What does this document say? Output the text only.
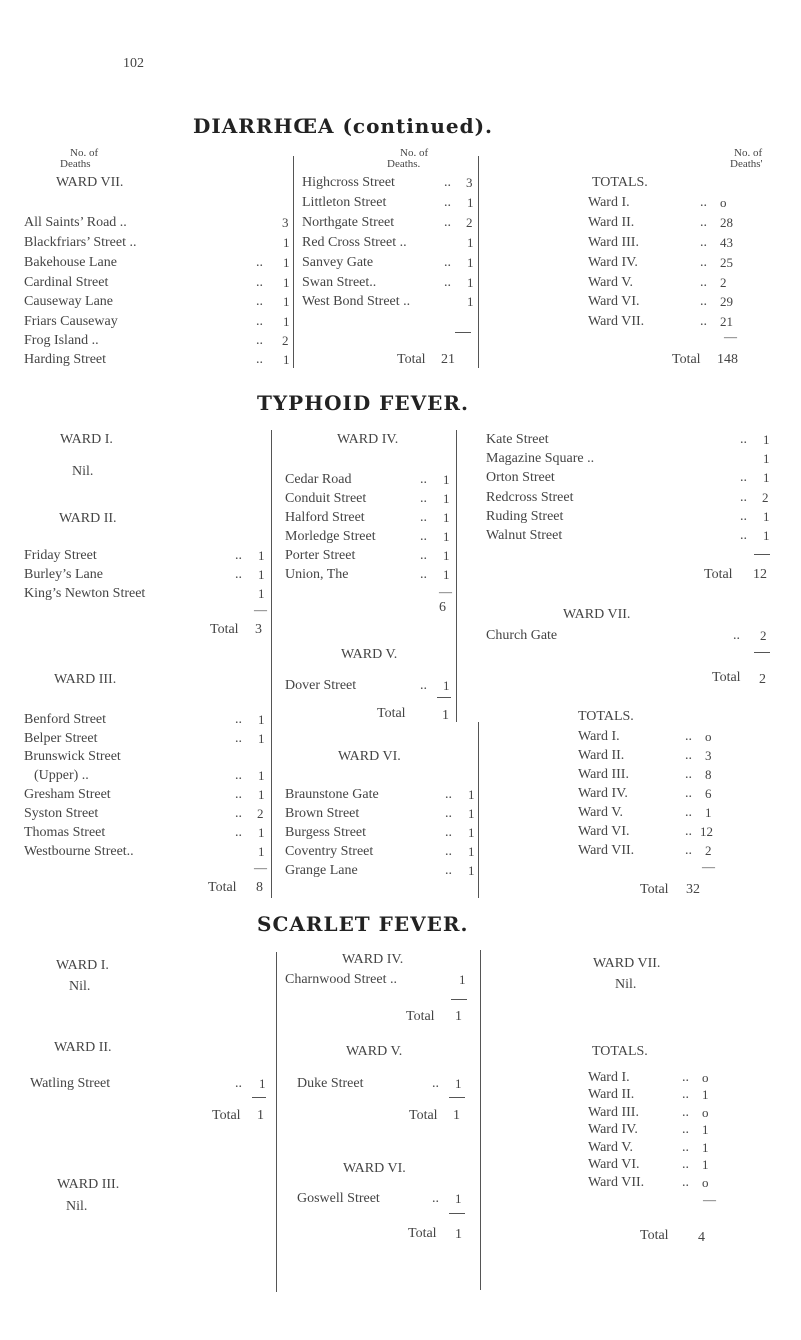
102
DIARRHŒA (continued).
No. of
Deaths
WARD VII.
All Saints’ Road ..	3
Blackfriars’ Street ..	1
Bakehouse Lane	.. 1
Cardinal Street	.. 1
Causeway Lane	.. 1
Friars Causeway	.. 1
Frog Island ..	.. 2
Harding Street	.. 1
No. of
Deaths.
Highcross Street	.. 3
Littleton Street	.. 1
Northgate Street	.. 2
Red Cross Street ..	1
Sanvey Gate	.. 1
Swan Street..	.. 1
West Bond Street ..	1
Total 21
No. of
Deaths'
TOTALS.
Ward I.	.. o
Ward II.	.. 28
Ward III.	.. 43
Ward IV.	.. 25
Ward V.	.. 2
Ward VI.	.. 29
Ward VII.	.. 21
—
Total 148
TYPHOID FEVER.
WARD I.
Nil.
WARD II.
Friday Street	.. 1
Burley’s Lane	.. 1
King’s Newton Street	1
—
Total 3
WARD III.
Benford Street	.. 1
Belper Street	.. 1
Brunswick Street
(Upper) ..	.. 1
Gresham Street	.. 1
Syston Street	.. 2
Thomas Street	.. 1
Westbourne Street..	1
—
Total 8
WARD IV.
Cedar Road	.. 1
Conduit Street	.. 1
Halford Street	.. 1
Morledge Street	.. 1
Porter Street	.. 1
Union, The	.. 1
—
6
WARD V.
Dover Street	.. 1
Total	1
WARD VI.
Braunstone Gate	.. 1
Brown Street	.. 1
Burgess Street	.. 1
Coventry Street	.. 1
Grange Lane	.. 1
Kate Street	.. 1
Magazine Square ..	1
Orton Street	.. 1
Redcross Street	.. 2
Ruding Street	.. 1
Walnut Street	.. 1
Total 12
WARD VII.
Church Gate	.. 2
Total 2
TOTALS.
Ward I.	.. o
Ward II.	.. 3
Ward III.	.. 8
Ward IV.	.. 6
Ward V.	.. 1
Ward VI.	.. 12
Ward VII.	.. 2
—
Total 32
SCARLET FEVER.
WARD I.
Nil.
WARD II.
Watling Street	.. 1
Total 1
WARD III.
Nil.
WARD IV.
Charnwood Street ..	1
Total 1
WARD V.
Duke Street	.. 1
Total 1
WARD VI.
Goswell Street	.. 1
Total 1
WARD VII.
Nil.
TOTALS.
Ward I.	.. o
Ward II.	.. 1
Ward III.	.. o
Ward IV.	.. 1
Ward V.	.. 1
Ward VI.	.. 1
Ward VII.	.. o
—
Total 4
